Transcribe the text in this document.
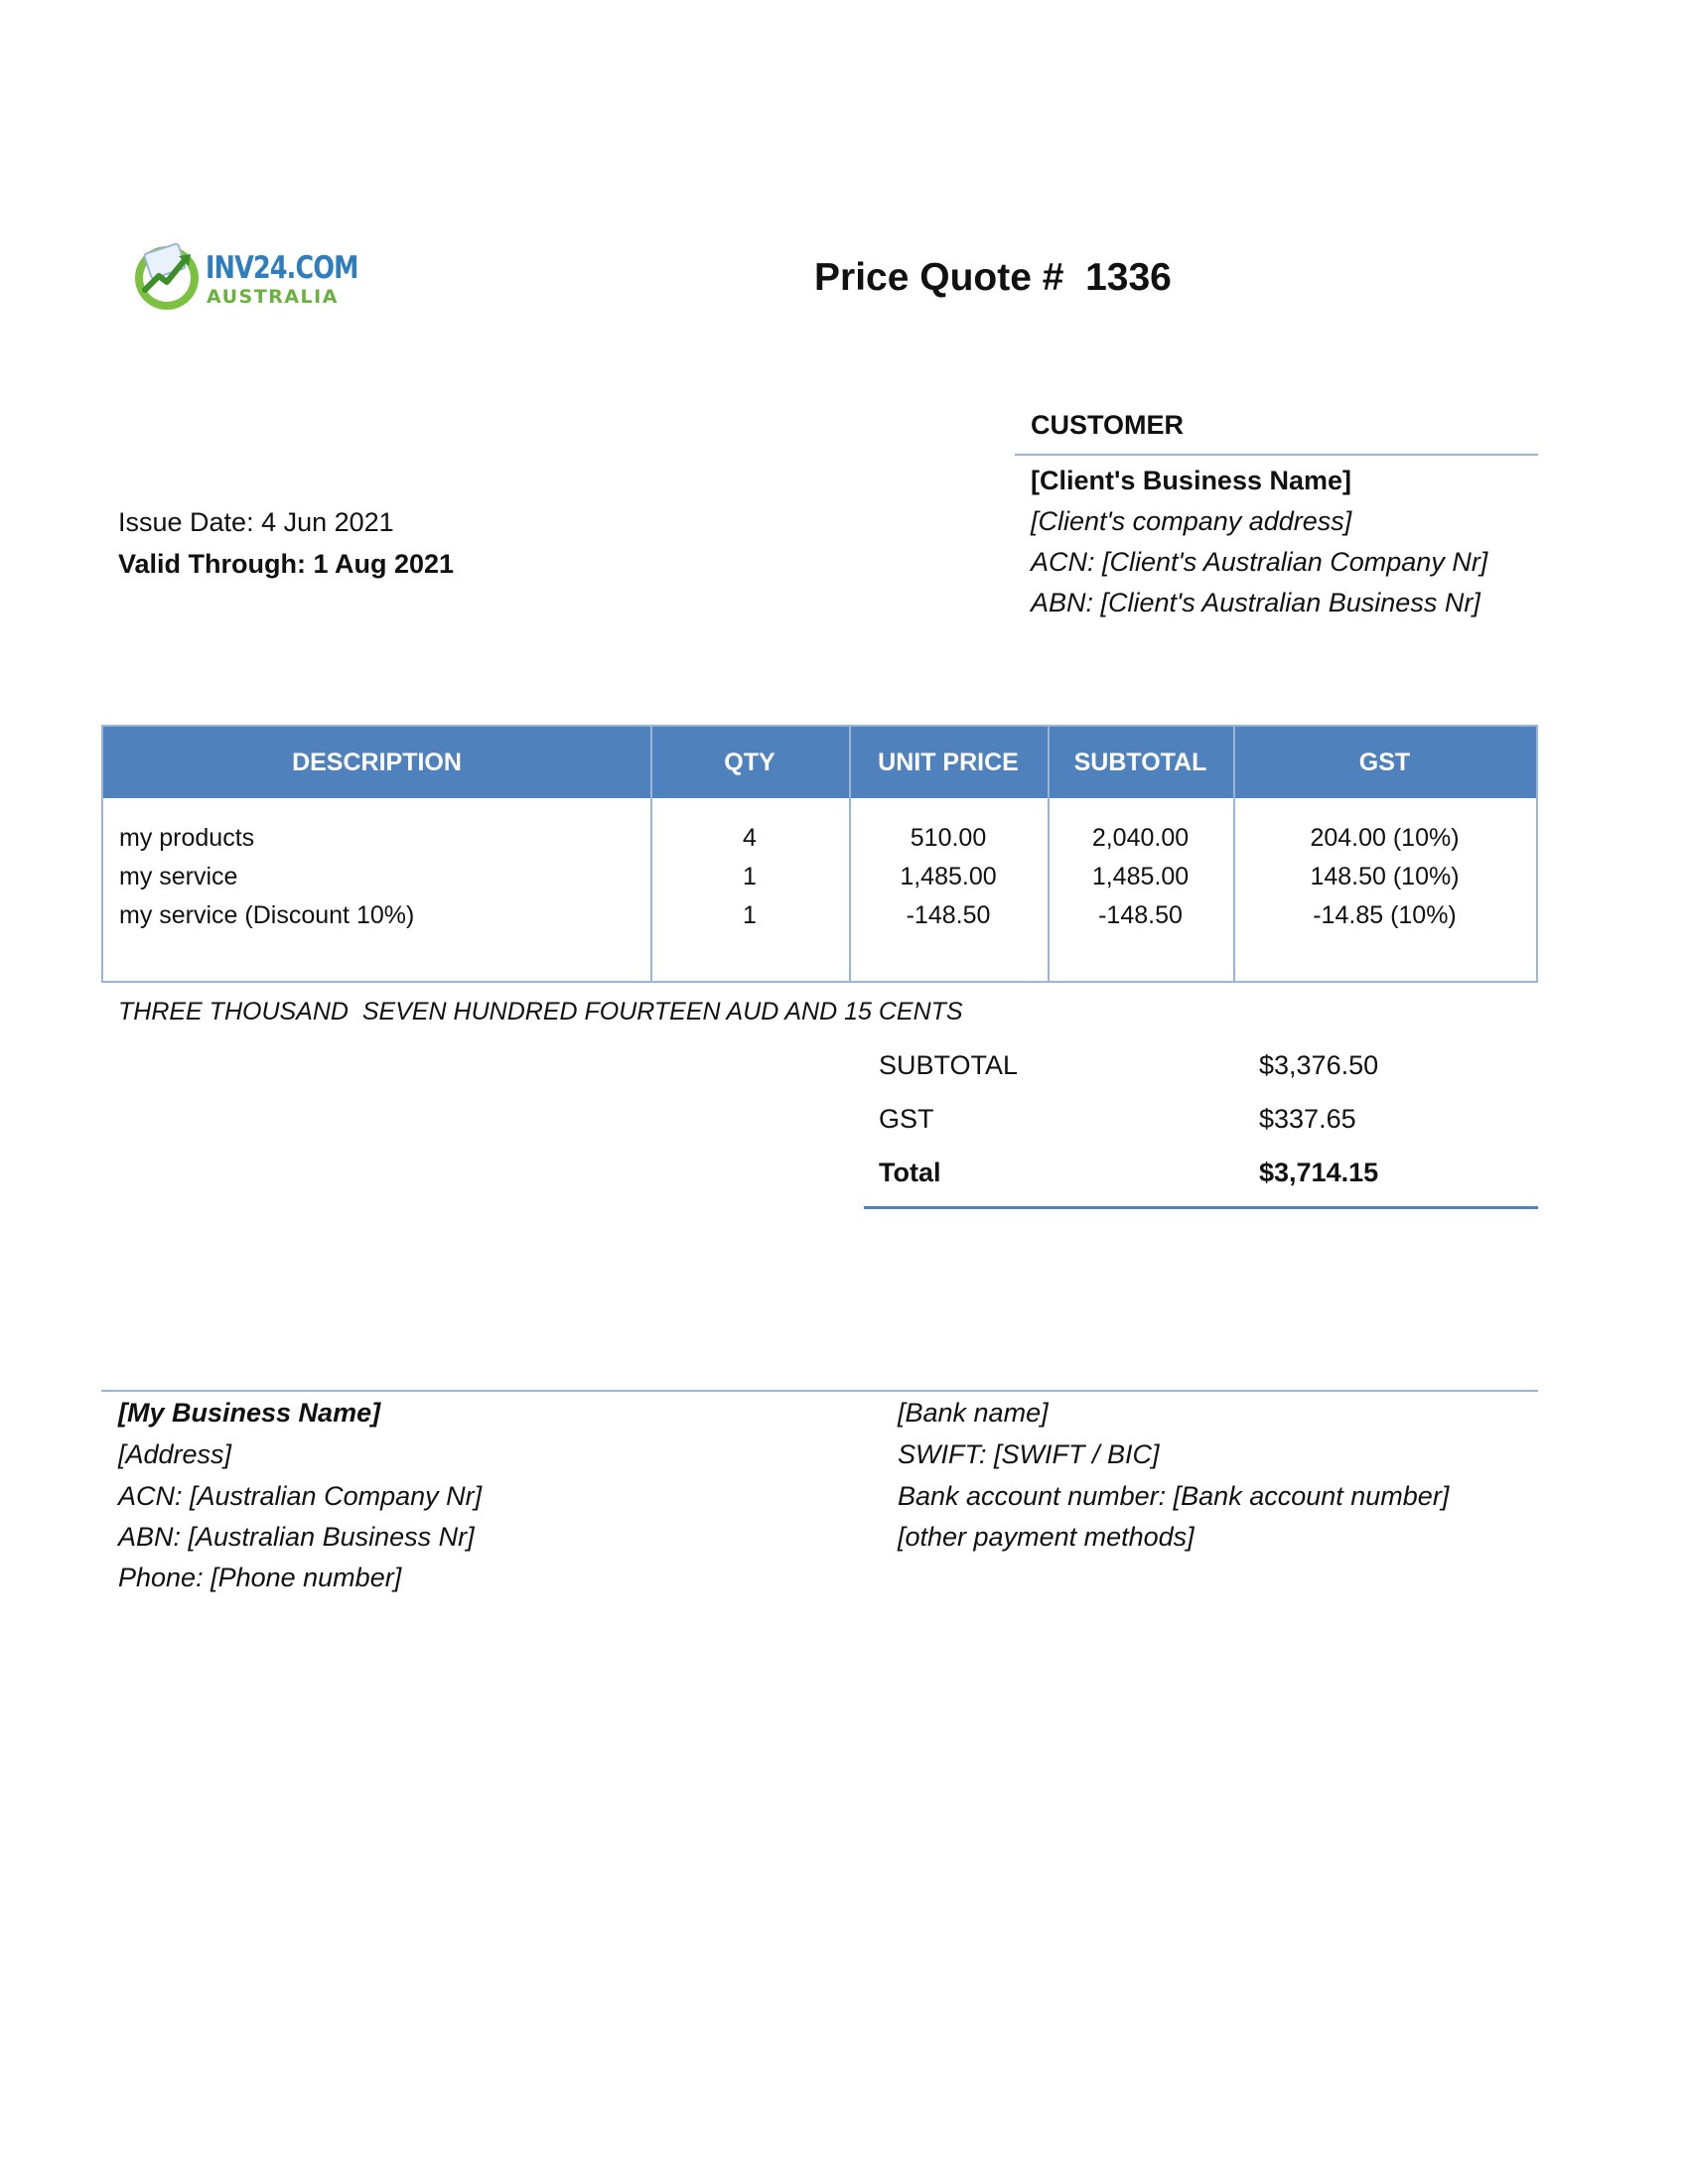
INV24.COM
AUSTRALIA	Price Quote #  1336
CUSTOMER
[Client's Business Name]
[Client's company address]
ACN: [Client's Australian Company Nr]
ABN: [Client's Australian Business Nr]
Issue Date: 4 Jun 2021
Valid Through: 1 Aug 2021
DESCRIPTION	QTY	UNIT PRICE	SUBTOTAL	GST
my products	4	510.00	2,040.00	204.00 (10%)
my service	1	1,485.00	1,485.00	148.50 (10%)
my service (Discount 10%)	1	-148.50	-148.50	-14.85 (10%)
THREE THOUSAND  SEVEN HUNDRED FOURTEEN AUD AND 15 CENTS
SUBTOTAL	$3,376.50
GST	$337.65
Total	$3,714.15
[My Business Name]
[Address]
ACN: [Australian Company Nr]
ABN: [Australian Business Nr]
Phone: [Phone number]
[Bank name]
SWIFT: [SWIFT / BIC]
Bank account number: [Bank account number]
[other payment methods]
